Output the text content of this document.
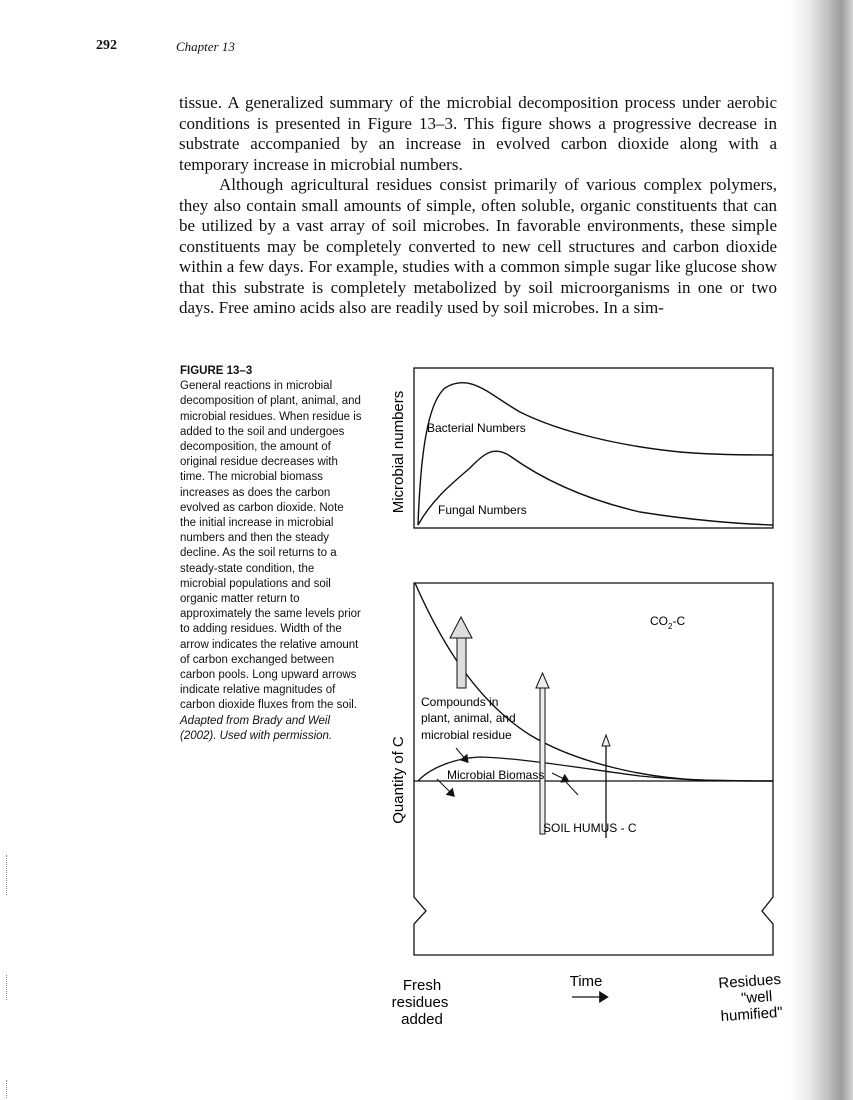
292	Chapter 13

tissue. A generalized summary of the microbial decomposition process under aerobic conditions is presented in Figure 13–3. This figure shows a progressive decrease in substrate accompanied by an increase in evolved carbon dioxide along with a temporary increase in microbial numbers.

Although agricultural residues consist primarily of various complex polymers, they also contain small amounts of simple, often soluble, organic constituents that can be utilized by a vast array of soil microbes. In favorable environments, these simple constituents may be completely converted to new cell structures and carbon dioxide within a few days. For example, studies with a common simple sugar like glucose show that this substrate is completely metabolized by soil microorganisms in one or two days. Free amino acids also are readily used by soil microbes. In a sim-

FIGURE 13–3
General reactions in microbial decomposition of plant, animal, and microbial residues. When residue is added to the soil and undergoes decomposition, the amount of original residue decreases with time. The microbial biomass increases as does the carbon evolved as carbon dioxide. Note the initial increase in microbial numbers and then the steady decline. As the soil returns to a steady-state condition, the microbial populations and soil organic matter return to approximately the same levels prior to adding residues. Width of the arrow indicates the relative amount of carbon exchanged between carbon pools. Long upward arrows indicate relative magnitudes of carbon dioxide fluxes from the soil. Adapted from Brady and Weil (2002). Used with permission.
Microbial numbers Bacterial Numbers
Fungal Numbers
Quantity of C
$CO_2-C$
Compounds in
plant, animal, and
microbial residue
Microbial Biomass
SOIL HUMUS - C
Fresh
residues
added
Time	Residues
"well
humified"
